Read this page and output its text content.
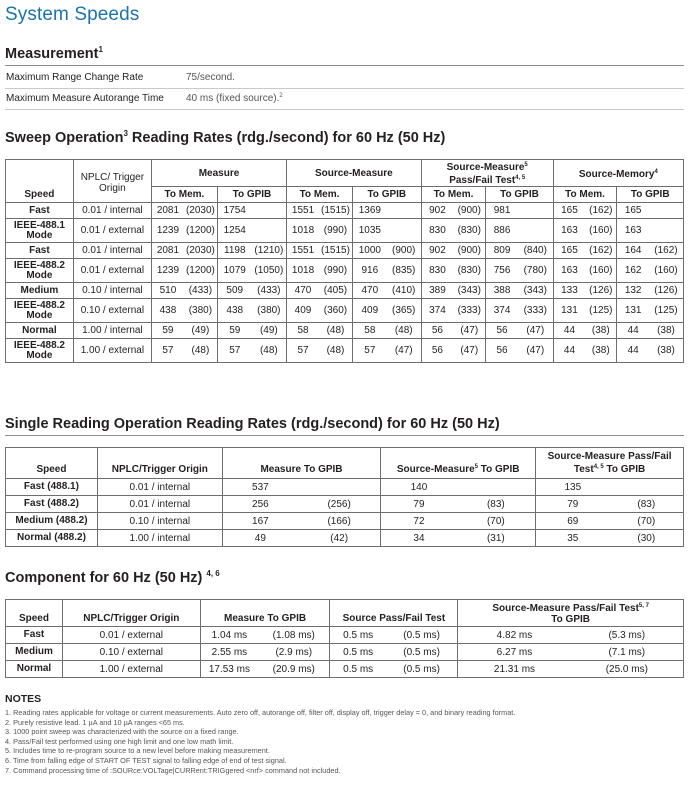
System Speeds
Measurement$^1$
Maximum Range Change Rate	75/second.
Maximum Measure Autorange Time 40 ms (fixed source).$^2$
Sweep Operation$^3$ Reading Rates (rdg./second) for 60 Hz (50 Hz)
Speed	NPLC/ Trigger Origin	Measure				Source-Measure				Source-Measure$^5$
Pass/Fail Test$^{4, 5}$				Source-Memory$^4$
		To Mem.		To GPIB		To Mem.		To GPIB		To Mem.		To GPIB		To Mem.		To GPIB	
Fast	0.01 / internal	2081	(2030)	1754		1551	(1515)	1369		902	(900)	981		165	(162)	165	
IEEE-488.1 Mode	0.01 / external	1239	(1200)	1254		1018	(990)	1035		830	(830)	886		163	(160)	163	
Fast	0.01 / internal	2081	(2030)	1198	(1210)	1551	(1515)	1000	(900)	902	(900)	809	(840)	165	(162)	164	(162)
IEEE-488.2 Mode	0.01 / external	1239	(1200)	1079	(1050)	1018	(990)	916	(835)	830	(830)	756	(780)	163	(160)	162	(160)
Medium	0.10 / internal	510	(433)	509	(433)	470	(405)	470	(410)	389	(343)	388	(343)	133	(126)	132	(126)
IEEE-488.2 Mode	0.10 / external	438	(380)	438	(380)	409	(360)	409	(365)	374	(333)	374	(333)	131	(125)	131	(125)
Normal	1.00 / internal	59	(49)	59	(49)	58	(48)	58	(48)	56	(47)	56	(47)	44	(38)	44	(38)
IEEE-488.2 Mode	1.00 / external	57	(48)	57	(48)	57	(48)	57	(47)	56	(47)	56	(47)	44	(38)	44	(38)
Single Reading Operation Reading Rates (rdg./second) for 60 Hz (50 Hz)
Speed	NPLC/Trigger Origin	Measure To GPIB		Source-Measure$^5$ To GPIB		Source-Measure Pass/Fail
Test$^{4, 5}$ To GPIB	
Fast (488.1)	0.01 / internal	537		140		135	
Fast (488.2)	0.01 / internal	256	(256)	79	(83)	79	(83)
Medium (488.2)	0.10 / internal	167	(166)	72	(70)	69	(70)
Normal (488.2)	1.00 / internal	49	(42)	34	(31)	35	(30)
Component for 60 Hz (50 Hz) $^{4, 6}$
Speed	NPLC/Trigger Origin	Measure To GPIB		Source Pass/Fail Test		Source-Measure Pass/Fail Test$^{5, 7}$
To GPIB	
Fast	0.01 / external	1.04 ms	(1.08 ms)	0.5 ms	(0.5 ms)	4.82 ms	(5.3 ms)
Medium	0.10 / external	2.55 ms	(2.9 ms)	0.5 ms	(0.5 ms)	6.27 ms	(7.1 ms)
Normal	1.00 / external	17.53 ms	(20.9 ms)	0.5 ms	(0.5 ms)	21.31 ms	(25.0 ms)
NOTES
1. Reading rates applicable for voltage or current measurements. Auto zero off, autorange off, filter off, display off, trigger delay = 0, and binary reading format.
2. Purely resistive lead. 1 µA and 10 µA ranges <65 ms.
3. 1000 point sweep was characterized with the source on a fixed range.
4. Pass/Fail test performed using one high limit and one low math limit.
5. Includes time to re-program source to a new level before making measurement.
6. Time from falling edge of START OF TEST signal to falling edge of end of test signal.
7. Command processing time of :SOURce:VOLTage|CURRent:TRIGgered <nrf> command not included.
